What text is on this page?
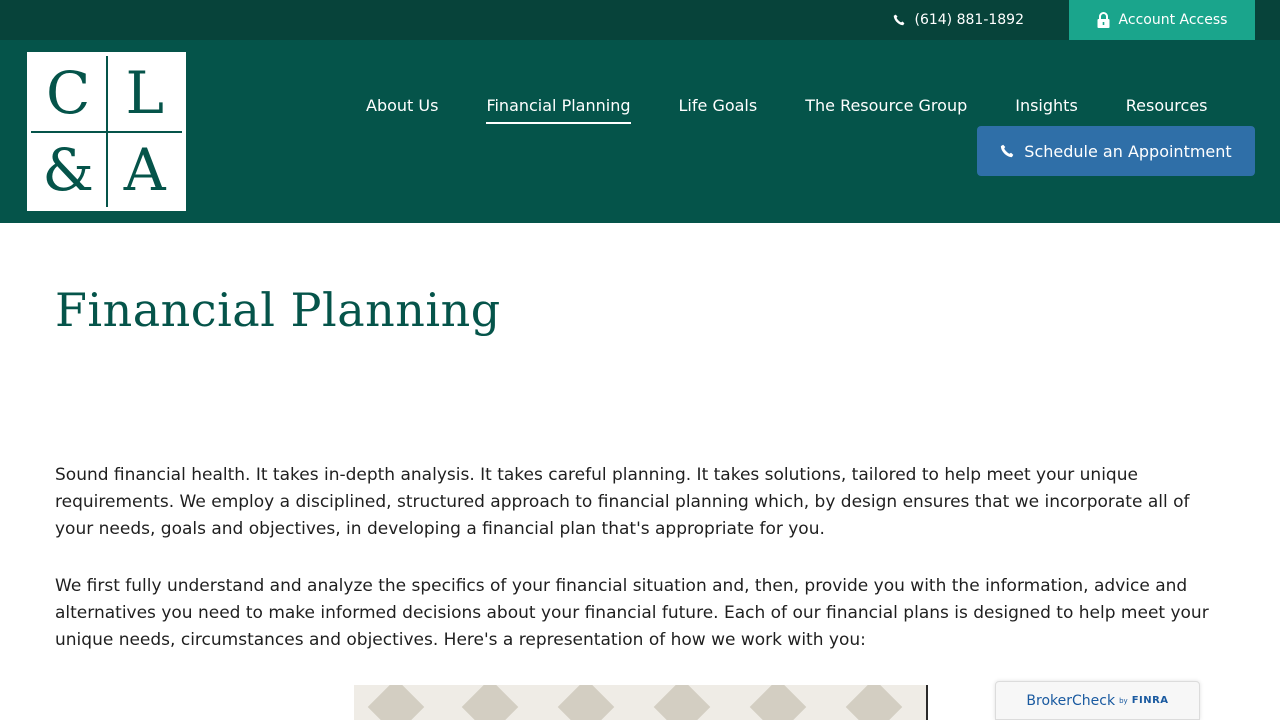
(614) 881-1892	Account Access
C L
& A
About Us	Financial Planning	Life Goals	The Resource Group	Insights	Resources
Schedule an Appointment
Financial Planning

Sound financial health. It takes in-depth analysis. It takes careful planning. It takes solutions, tailored to help meet your unique requirements. We employ a disciplined, structured approach to financial planning which, by design ensures that we incorporate all of your needs, goals and objectives, in developing a financial plan that's appropriate for you.

We first fully understand and analyze the specifics of your financial situation and, then, provide you with the information, advice and alternatives you need to make informed decisions about your financial future. Each of our financial plans is designed to help meet your unique needs, circumstances and objectives. Here's a representation of how we work with you:

BrokerCheck by FINRA
